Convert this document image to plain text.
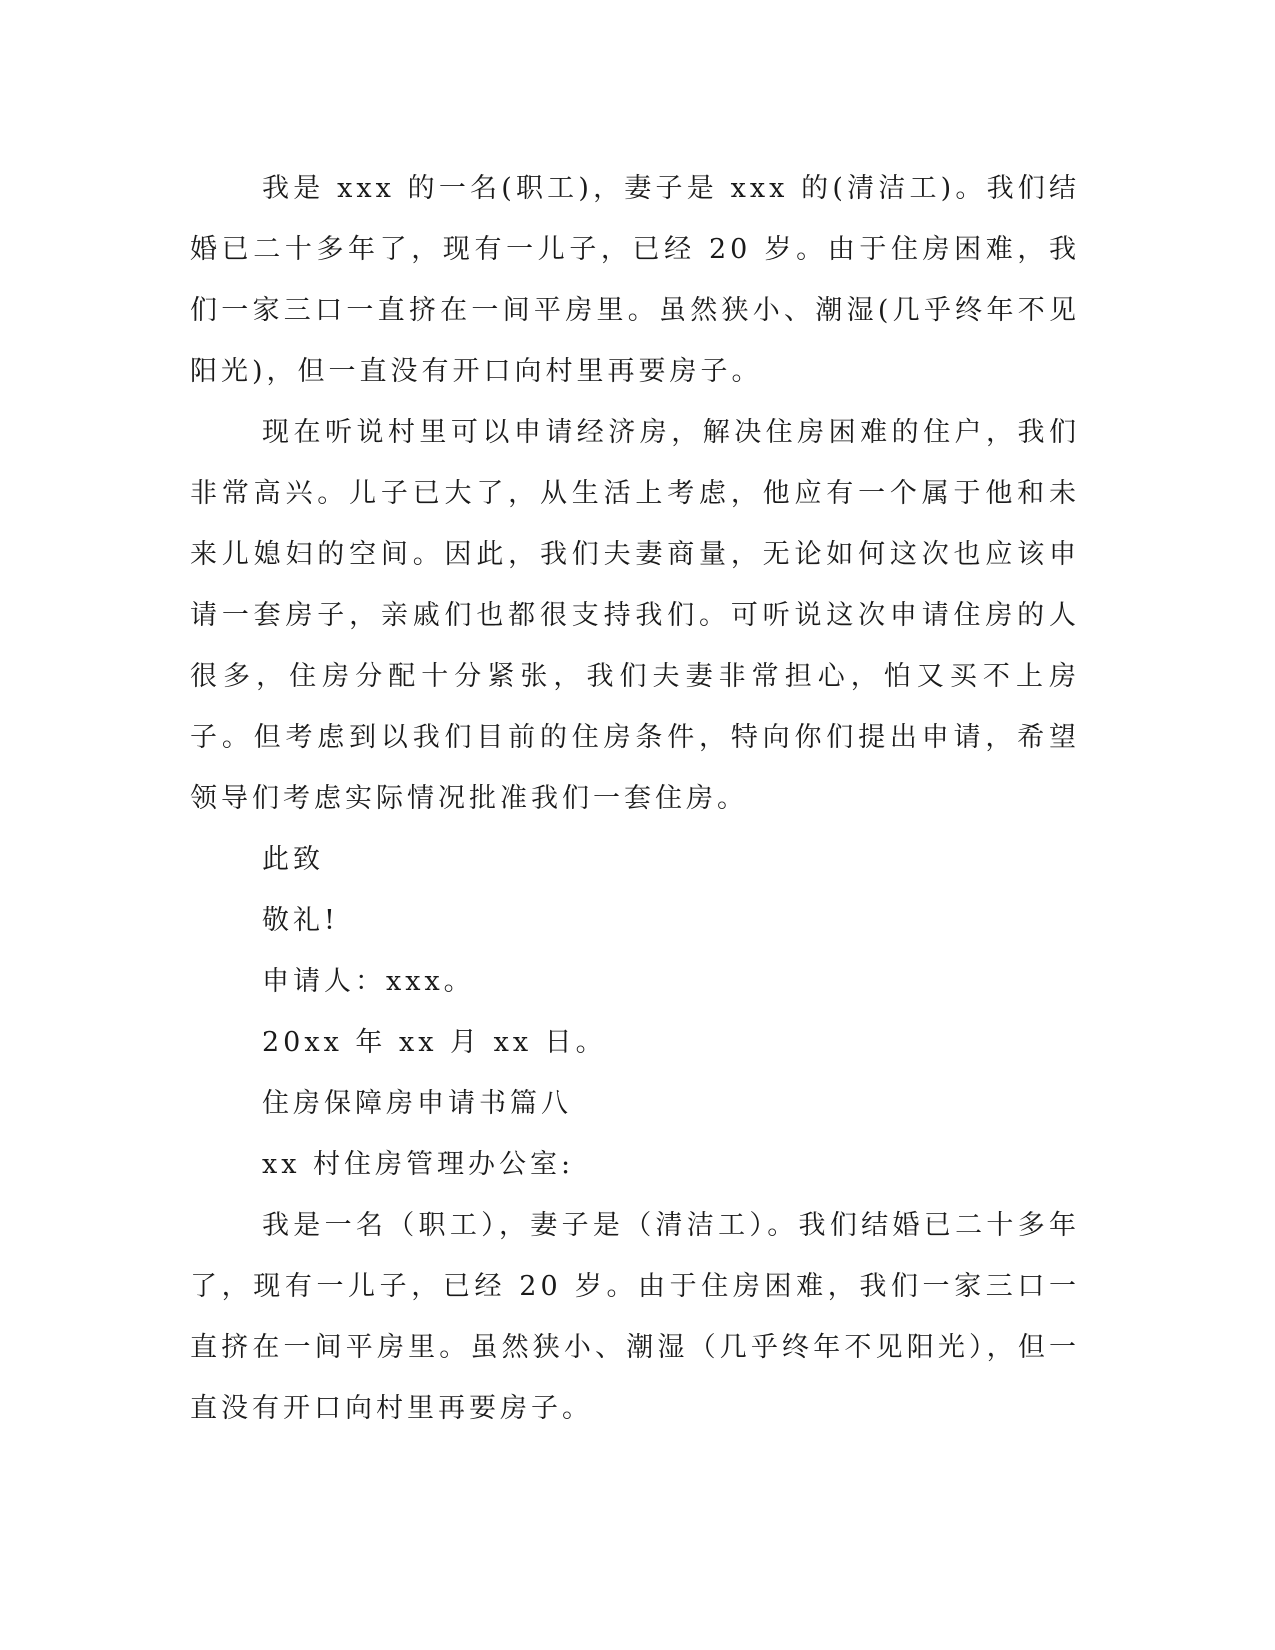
我是 xxx 的一名(职工)，妻子是 xxx 的(清洁工)。我们结婚已二十多年了，现有一儿子，已经 20 岁。由于住房困难，我们一家三口一直挤在一间平房里。虽然狭小、潮湿(几乎终年不见阳光)，但一直没有开口向村里再要房子。

现在听说村里可以申请经济房，解决住房困难的住户，我们非常高兴。儿子已大了，从生活上考虑，他应有一个属于他和未来儿媳妇的空间。因此，我们夫妻商量，无论如何这次也应该申请一套房子，亲戚们也都很支持我们。可听说这次申请住房的人很多，住房分配十分紧张，我们夫妻非常担心，怕又买不上房子。但考虑到以我们目前的住房条件，特向你们提出申请，希望领导们考虑实际情况批准我们一套住房。

此致

敬礼!

申请人：xxx。

20xx 年 xx 月 xx 日。

住房保障房申请书篇八

xx 村住房管理办公室:

我是一名（职工），妻子是（清洁工）。我们结婚已二十多年了，现有一儿子，已经 20 岁。由于住房困难，我们一家三口一直挤在一间平房里。虽然狭小、潮湿（几乎终年不见阳光），但一直没有开口向村里再要房子。
